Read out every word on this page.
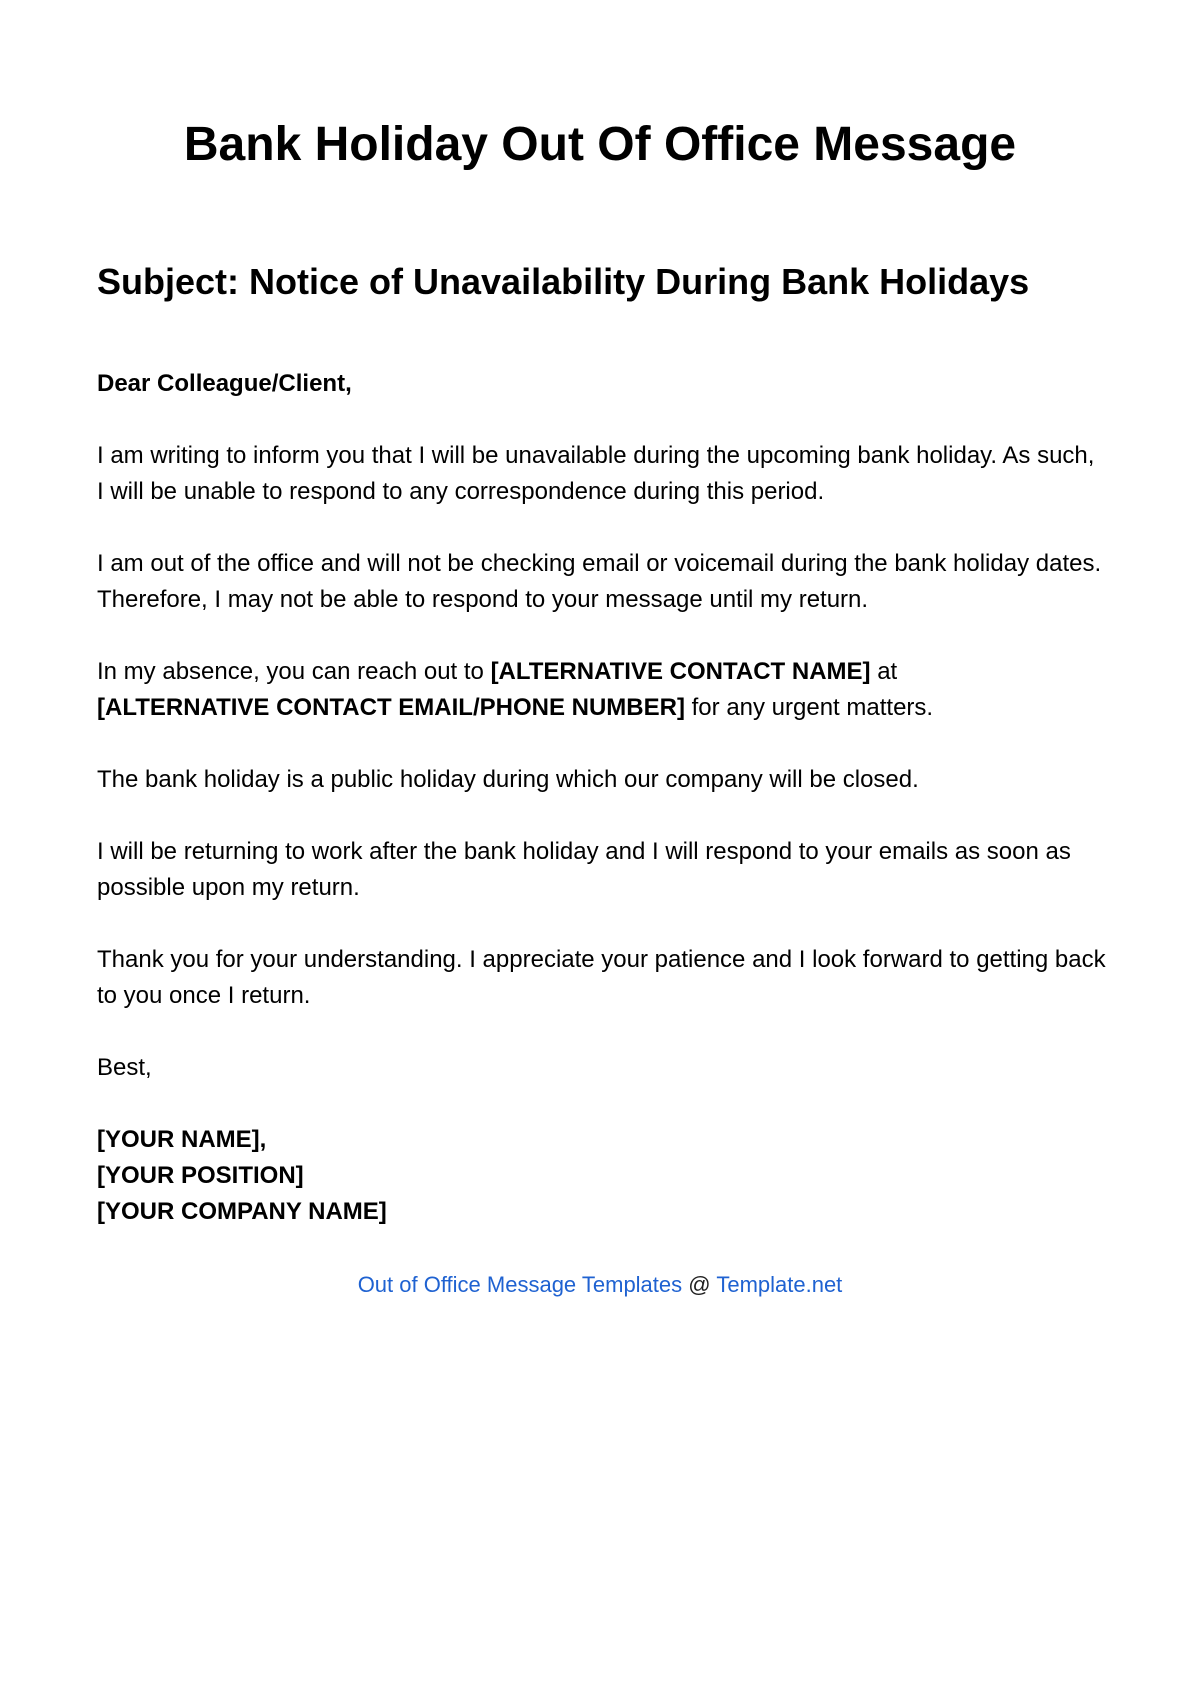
Bank Holiday Out Of Office Message
Subject: Notice of Unavailability During Bank Holidays

Dear Colleague/Client,

I am writing to inform you that I will be unavailable during the upcoming bank holiday. As such, I will be unable to respond to any correspondence during this period.

I am out of the office and will not be checking email or voicemail during the bank holiday dates. Therefore, I may not be able to respond to your message until my return.

In my absence, you can reach out to [ALTERNATIVE CONTACT NAME] at
[ALTERNATIVE CONTACT EMAIL/PHONE NUMBER] for any urgent matters.

The bank holiday is a public holiday during which our company will be closed.

I will be returning to work after the bank holiday and I will respond to your emails as soon as possible upon my return.

Thank you for your understanding. I appreciate your patience and I look forward to getting back to you once I return.

Best,

[YOUR NAME],
[YOUR POSITION]
[YOUR COMPANY NAME]
Out of Office Message Templates @ Template.net
